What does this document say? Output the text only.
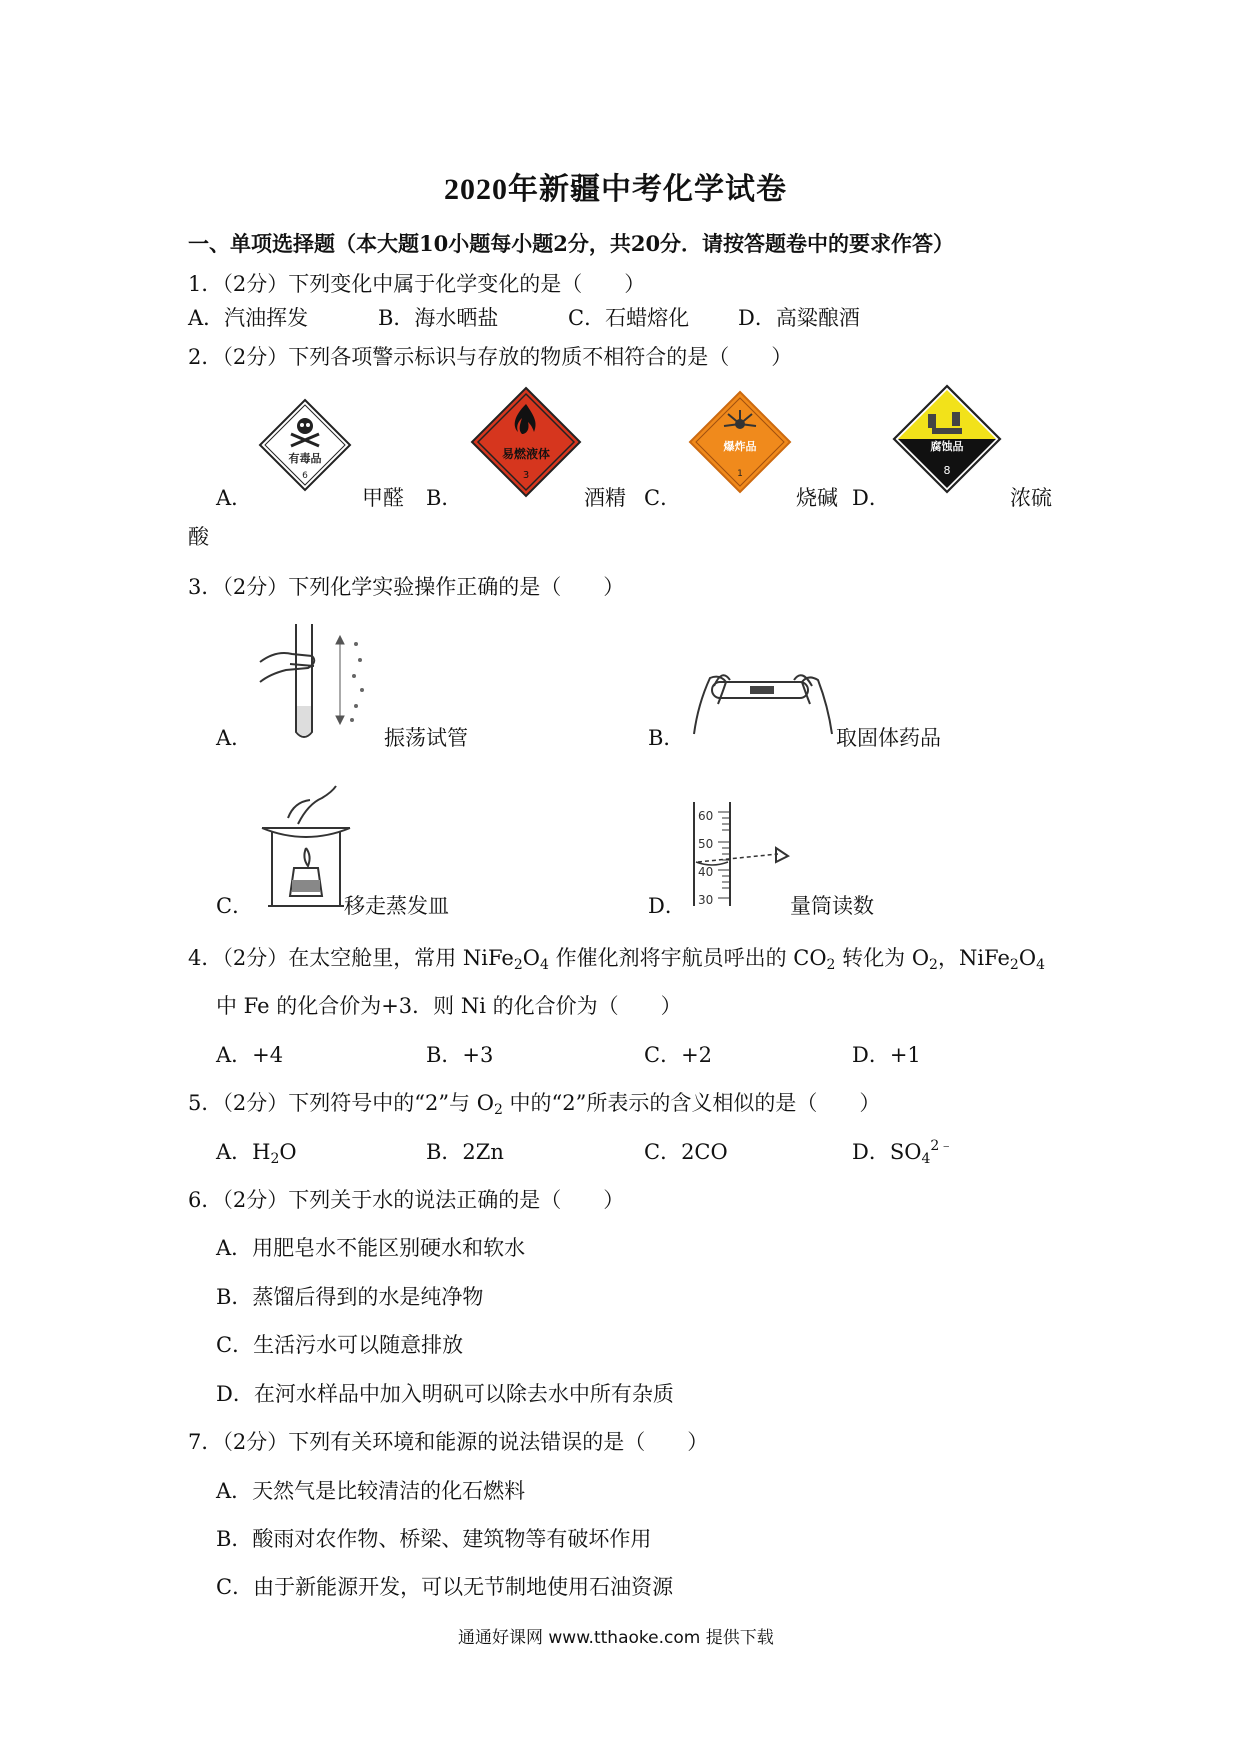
2020年新疆中考化学试卷
一、单项选择题（本大题10小题每小题2分，共20分．请按答题卷中的要求作答）
1．（2分）下列变化中属于化学变化的是（　　）
A．汽油挥发	B．海水晒盐	C．石蜡熔化 D．高粱酿酒
2．（2分）下列各项警示标识与存放的物质不相符合的是（　　）
有毒品
6
易燃液体
3
爆炸品
1
腐蚀品
8
A．	甲醛 B．	酒精 C．	烧碱 D．	浓硫
酸
3．（2分）下列化学实验操作正确的是（　　）
A．	振荡试管	B．	取固体药品
C．	移走蒸发皿
60
50
40
30
D．	量筒读数
4．（2分）在太空舱里，常用 $NiFe_2O_4$ 作催化剂将宇航员呼出的 $CO_2$ 转化为 $O_2$，$NiFe_2O_4$
中 Fe 的化合价为+3．则 Ni 的化合价为（　　）
A．+4	B．+3	C．+2	D．+1
5．（2分）下列符号中的“2”与 $O_2$ 中的“2”所表示的含义相似的是（　　）
A．$H_2O$	B．2Zn	C．2CO	D．$SO_4^{2﹣}$
6．（2分）下列关于水的说法正确的是（　　）
A．用肥皂水不能区别硬水和软水
B．蒸馏后得到的水是纯净物
C．生活污水可以随意排放
D．在河水样品中加入明矾可以除去水中所有杂质
7．（2分）下列有关环境和能源的说法错误的是（　　）
A．天然气是比较清洁的化石燃料
B．酸雨对农作物、桥梁、建筑物等有破坏作用
C．由于新能源开发，可以无节制地使用石油资源
通通好课网 www.tthaoke.com 提供下载
